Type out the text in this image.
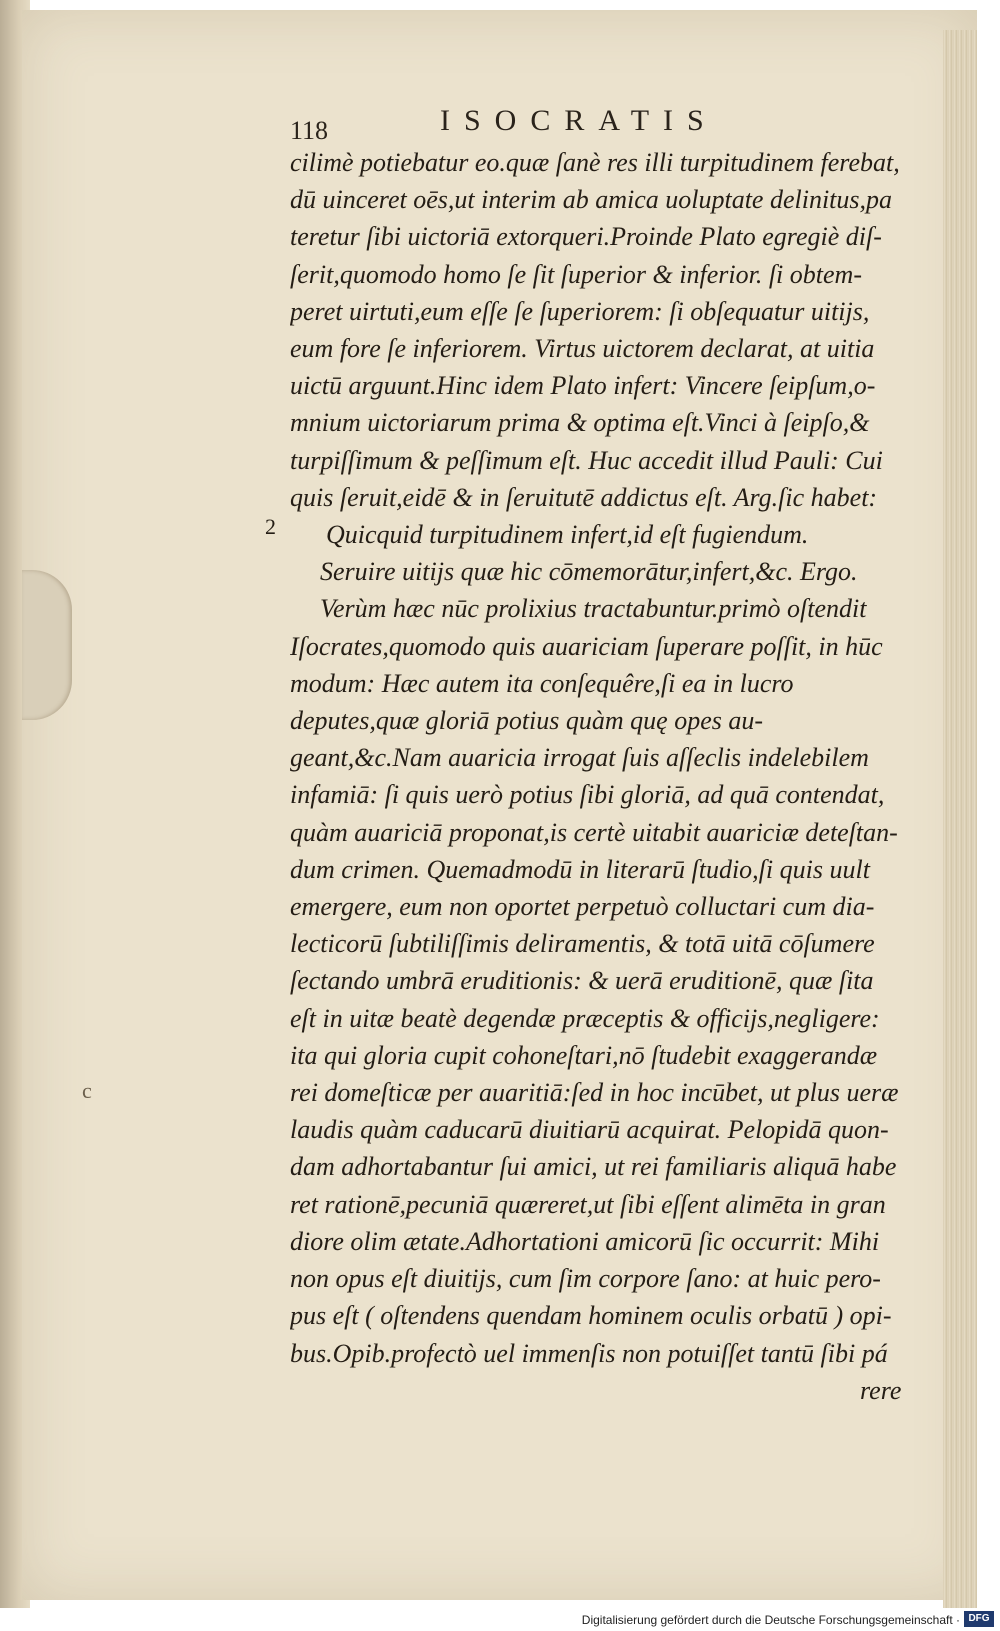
118	ISOCRATIS
2
c
cilimè potiebatur eo.quæ ſanè res illi turpitudinem ferebat,
dū uinceret oēs,ut interim ab amica uoluptate delinitus,pa
teretur ſibi uictoriā extorqueri.Proinde Plato egregiè diſ-
ſerit,quomodo homo ſe ſit ſuperior & inferior. ſi obtem-
peret uirtuti,eum eſſe ſe ſuperiorem: ſi obſequatur uitijs,
eum fore ſe inferiorem. Virtus uictorem declarat, at uitia
uictū arguunt.Hinc idem Plato infert: Vincere ſeipſum,o-
mnium uictoriarum prima & optima eſt.Vinci à ſeipſo,&
turpiſſimum & peſſimum eſt. Huc accedit illud Pauli: Cui
quis ſeruit,eidē & in ſeruitutē addictus eſt. Arg.ſic habet:
Quicquid turpitudinem infert,id eſt fugiendum.
Seruire uitijs quæ hic cōmemorātur,infert,&c. Ergo.
Verùm hæc nūc prolixius tractabuntur.primò oſtendit
Iſocrates,quomodo quis auariciam ſuperare poſſit, in hūc
modum: Hæc autem ita conſequêre,ſi ea in lucro
deputes,quæ gloriā potius quàm quę opes au-
geant,&c.Nam auaricia irrogat ſuis aſſeclis indelebilem
infamiā: ſi quis uerò potius ſibi gloriā, ad quā contendat,
quàm auariciā proponat,is certè uitabit auariciæ deteſtan-
dum crimen. Quemadmodū in literarū ſtudio,ſi quis uult
emergere, eum non oportet perpetuò colluctari cum dia-
lecticorū ſubtiliſſimis deliramentis, & totā uitā cōſumere
ſectando umbrā eruditionis: & uerā eruditionē, quæ ſita
eſt in uitæ beatè degendæ præceptis & officijs,negligere:
ita qui gloria cupit cohoneſtari,nō ſtudebit exaggerandæ
rei domeſticæ per auaritiā:ſed in hoc incūbet, ut plus ueræ
laudis quàm caducarū diuitiarū acquirat. Pelopidā quon-
dam adhortabantur ſui amici, ut rei familiaris aliquā habe
ret rationē,pecuniā quæreret,ut ſibi eſſent alimēta in gran
diore olim ætate.Adhortationi amicorū ſic occurrit: Mihi
non opus eſt diuitijs, cum ſim corpore ſano: at huic pero-
pus eſt ( oſtendens quendam hominem oculis orbatū ) opi-
bus.Opib.profectò uel immenſis non potuiſſet tantū ſibi pá
rere
Digitalisierung gefördert durch die Deutsche Forschungsgemeinschaft · DFG
